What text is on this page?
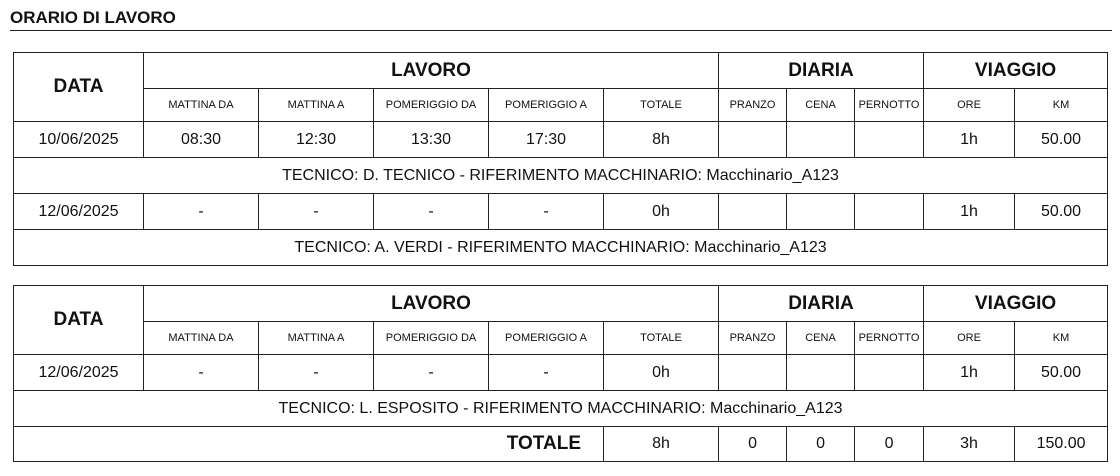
ORARIO DI LAVORO
DATA	LAVORO					DIARIA			VIAGGIO	
	MATTINA DA	MATTINA A	POMERIGGIO DA	POMERIGGIO A	TOTALE	PRANZO	CENA	PERNOTTO	ORE	KM
10/06/2025	08:30	12:30	13:30	17:30	8h				1h	50.00
TECNICO: D. TECNICO - RIFERIMENTO MACCHINARIO: Macchinario_A123										
12/06/2025	-	-	-	-	0h				1h	50.00
TECNICO: A. VERDI - RIFERIMENTO MACCHINARIO: Macchinario_A123										
DATA	LAVORO					DIARIA			VIAGGIO	
	MATTINA DA	MATTINA A	POMERIGGIO DA	POMERIGGIO A	TOTALE	PRANZO	CENA	PERNOTTO	ORE	KM
12/06/2025	-	-	-	-	0h				1h	50.00
TECNICO: L. ESPOSITO - RIFERIMENTO MACCHINARIO: Macchinario_A123										
TOTALE					8h	0	0	0	3h	150.00
